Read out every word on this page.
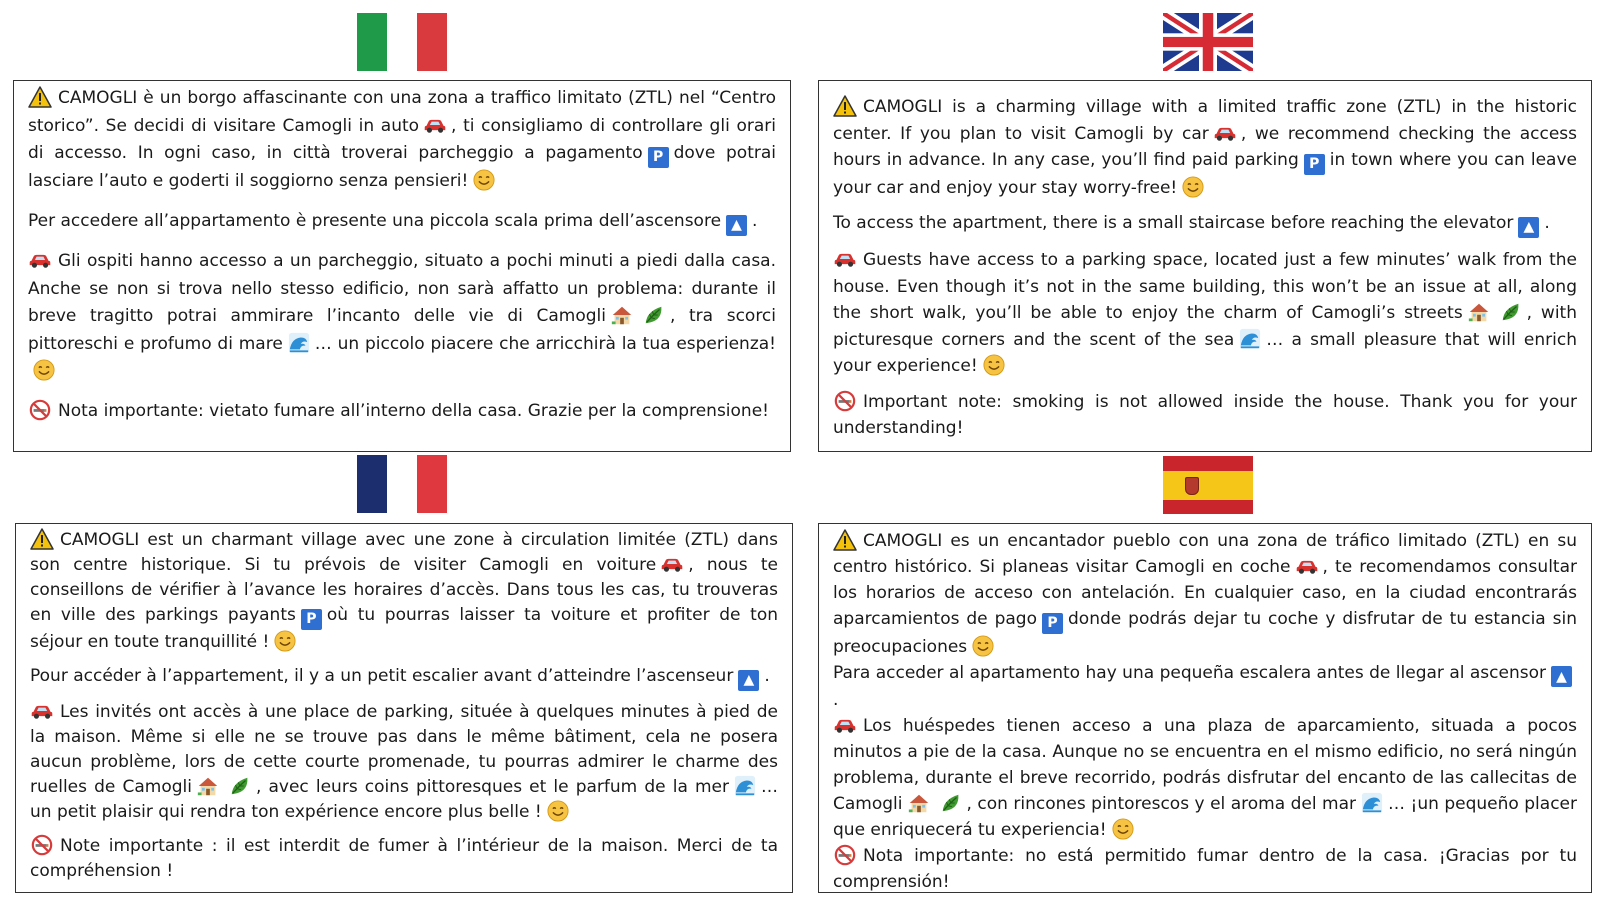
CAMOGLI è un borgo affascinante con una zona a traffico limitato (ZTL) nel “Centro storico”. Se decidi di visitare Camogli in auto , ti consigliamo di controllare gli orari di accesso. In ogni caso, in città troverai parcheggio a pagamento P dove potrai lasciare l’auto e goderti il soggiorno senza pensieri!

Per accedere all’appartamento è presente una piccola scala prima dell’ascensore ▲ .

Gli ospiti hanno accesso a un parcheggio, situato a pochi minuti a piedi dalla casa. Anche se non si trova nello stesso edificio, non sarà affatto un problema: durante il breve tragitto potrai ammirare l’incanto delle vie di Camogli	, tra scorci pittoreschi e profumo di mare … un piccolo piacere che arricchirà la tua esperienza!

Nota importante: vietato fumare all’interno della casa. Grazie per la comprensione!

CAMOGLI is a charming village with a limited traffic zone (ZTL) in the historic center. If you plan to visit Camogli by car , we recommend checking the access hours in advance. In any case, you’ll find paid parking P in town where you can leave your car and enjoy your stay worry-free!

To access the apartment, there is a small staircase before reaching the elevator ▲ .

Guests have access to a parking space, located just a few minutes’ walk from the house. Even though it’s not in the same building, this won’t be an issue at all, along the short walk, you’ll be able to enjoy the charm of Camogli’s streets	, with picturesque corners and the scent of the sea … a small pleasure that will enrich your experience!

Important note: smoking is not allowed inside the house. Thank you for your understanding!

CAMOGLI est un charmant village avec une zone à circulation limitée (ZTL) dans son centre historique. Si tu prévois de visiter Camogli en voiture , nous te conseillons de vérifier à l’avance les horaires d’accès. Dans tous les cas, tu trouveras en ville des parkings payants P où tu pourras laisser ta voiture et profiter de ton séjour en toute tranquillité !

Pour accéder à l’appartement, il y a un petit escalier avant d’atteindre l’ascenseur ▲ .

Les invités ont accès à une place de parking, située à quelques minutes à pied de la maison. Même si elle ne se trouve pas dans le même bâtiment, cela ne posera aucun problème, lors de cette courte promenade, tu pourras admirer le charme des ruelles de Camogli	, avec leurs coins pittoresques et le parfum de la mer … un petit plaisir qui rendra ton expérience encore plus belle !

Note importante : il est interdit de fumer à l’intérieur de la maison. Merci de ta compréhension !

CAMOGLI es un encantador pueblo con una zona de tráfico limitado (ZTL) en su centro histórico. Si planeas visitar Camogli en coche , te recomendamos consultar los horarios de acceso con antelación. En cualquier caso, en la ciudad encontrarás aparcamientos de pago P donde podrás dejar tu coche y disfrutar de tu estancia sin preocupaciones

Para acceder al apartamento hay una pequeña escalera antes de llegar al ascensor ▲.

Los huéspedes tienen acceso a una plaza de aparcamiento, situada a pocos minutos a pie de la casa. Aunque no se encuentra en el mismo edificio, no será ningún problema, durante el breve recorrido, podrás disfrutar del encanto de las callecitas de Camogli	, con rincones pintorescos y el aroma del mar … ¡un pequeño placer que enriquecerá tu experiencia!

Nota importante: no está permitido fumar dentro de la casa. ¡Gracias por tu comprensión!
